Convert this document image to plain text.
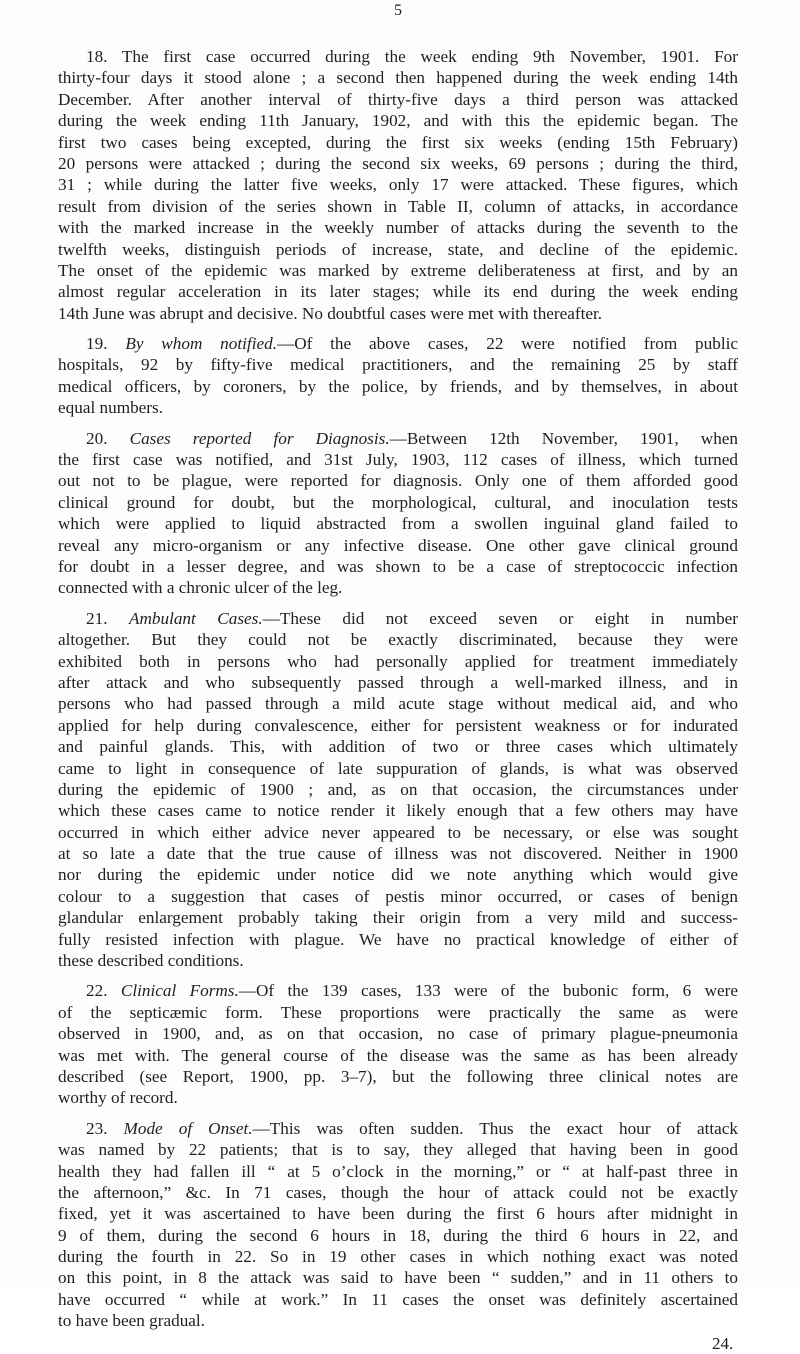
5
18. The first case occurred during the week ending 9th November, 1901. For
thirty-four days it stood alone ; a second then happened during the week ending 14th
December. After another interval of thirty-five days a third person was attacked
during the week ending 11th January, 1902, and with this the epidemic began. The
first two cases being excepted, during the first six weeks (ending 15th February)
20 persons were attacked ; during the second six weeks, 69 persons ; during the third,
31 ; while during the latter five weeks, only 17 were attacked. These figures, which
result from division of the series shown in Table II, column of attacks, in accordance
with the marked increase in the weekly number of attacks during the seventh to the
twelfth weeks, distinguish periods of increase, state, and decline of the epidemic.
The onset of the epidemic was marked by extreme deliberateness at first, and by an
almost regular acceleration in its later stages; while its end during the week ending
14th June was abrupt and decisive. No doubtful cases were met with thereafter.
19. By whom notified.—Of the above cases, 22 were notified from public
hospitals, 92 by fifty-five medical practitioners, and the remaining 25 by staff
medical officers, by coroners, by the police, by friends, and by themselves, in about
equal numbers.
20. Cases reported for Diagnosis.—Between 12th November, 1901, when
the first case was notified, and 31st July, 1903, 112 cases of illness, which turned
out not to be plague, were reported for diagnosis. Only one of them afforded good
clinical ground for doubt, but the morphological, cultural, and inoculation tests
which were applied to liquid abstracted from a swollen inguinal gland failed to
reveal any micro-organism or any infective disease. One other gave clinical ground
for doubt in a lesser degree, and was shown to be a case of streptococcic infection
connected with a chronic ulcer of the leg.
21. Ambulant Cases.—These did not exceed seven or eight in number
altogether. But they could not be exactly discriminated, because they were
exhibited both in persons who had personally applied for treatment immediately
after attack and who subsequently passed through a well-marked illness, and in
persons who had passed through a mild acute stage without medical aid, and who
applied for help during convalescence, either for persistent weakness or for indurated
and painful glands. This, with addition of two or three cases which ultimately
came to light in consequence of late suppuration of glands, is what was observed
during the epidemic of 1900 ; and, as on that occasion, the circumstances under
which these cases came to notice render it likely enough that a few others may have
occurred in which either advice never appeared to be necessary, or else was sought
at so late a date that the true cause of illness was not discovered. Neither in 1900
nor during the epidemic under notice did we note anything which would give
colour to a suggestion that cases of pestis minor occurred, or cases of benign
glandular enlargement probably taking their origin from a very mild and success-
fully resisted infection with plague. We have no practical knowledge of either of
these described conditions.
22. Clinical Forms.—Of the 139 cases, 133 were of the bubonic form, 6 were
of the septicæmic form. These proportions were practically the same as were
observed in 1900, and, as on that occasion, no case of primary plague-pneumonia
was met with. The general course of the disease was the same as has been already
described (see Report, 1900, pp. 3–7), but the following three clinical notes are
worthy of record.
23. Mode of Onset.—This was often sudden. Thus the exact hour of attack
was named by 22 patients; that is to say, they alleged that having been in good
health they had fallen ill “ at 5 o’clock in the morning,” or “ at half-past three in
the afternoon,” &c. In 71 cases, though the hour of attack could not be exactly
fixed, yet it was ascertained to have been during the first 6 hours after midnight in
9 of them, during the second 6 hours in 18, during the third 6 hours in 22, and
during the fourth in 22. So in 19 other cases in which nothing exact was noted
on this point, in 8 the attack was said to have been “ sudden,” and in 11 others to
have occurred “ while at work.” In 11 cases the onset was definitely ascertained
to have been gradual.
24.
